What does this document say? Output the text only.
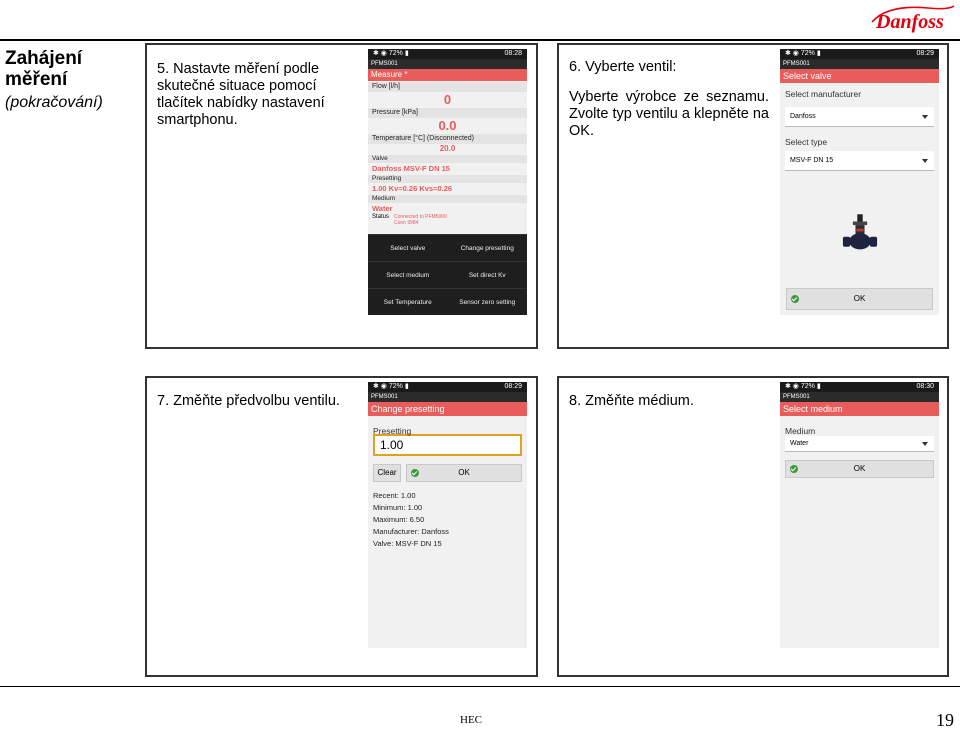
Danfoss
Zahájení měření
(pokračování)
5. Nastavte měření podle skutečné situace pomocí tlačítek nabídky nastavení smartphonu.
✱ ◉ 72% ▮	08:28
PFMS001
Measure *
Flow [l/h]
0
Pressure [kPa]
0.0
Temperature [°C] (Disconnected)
20.0
Valve
Danfoss MSV-F DN 15
Presetting
1.00 Kv=0.26 Kvs=0.26
Medium
Water
Status Connected to PFM5000 Conn 9984
Select valve	Change presetting
Select medium	Set direct Kv
Set Temperature	Sensor zero setting
6. Vyberte ventil:
Vyberte výrobce ze seznamu. Zvolte typ ventilu a klepněte na OK.
✱ ◉ 72% ▮	08:29
PFMS001
Select valve
Select manufacturer
Danfoss
Select type
MSV-F DN 15
OK
7. Změňte předvolbu ventilu.
✱ ◉ 72% ▮	08:29
PFMS001
Change presetting
Presetting
1.00
Clear	OK
Recent: 1.00
Minimum: 1.00
Maximum: 6.50
Manufacturer: Danfoss
Valve: MSV-F DN 15
8. Změňte médium.
✱ ◉ 72% ▮	08:30
PFMS001
Select medium
Medium
Water
OK
HEC	19
